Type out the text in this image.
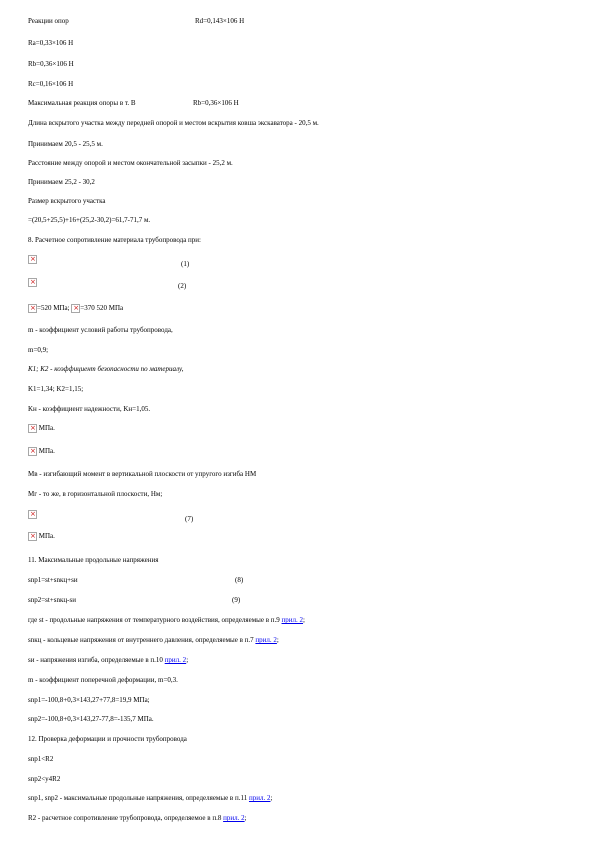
Реакции опор	Rd=0,143×106 Н
Ra=0,33×106 Н
Rb=0,36×106 Н
Rc=0,16×106 Н
Максимальная реакция опоры в т. В	Rb=0,36×106 Н
Длина вскрытого участка между передней опорой и местом вскрытия ковша экскаватора - 20,5 м.
Принимаем 20,5 - 25,5 м.
Расстояние между опорой и местом окончательной засыпки - 25,2 м.
Принимаем 25,2 - 30,2
Размер вскрытого участка
=(20,5+25,5)+16+(25,2-30,2)=61,7-71,7 м.
8. Расчетное сопротивление материала трубопровода при:
×
(1)
×
(2)
×=520 МПа; × =370 520 МПа
m - коэффициент условий работы трубопровода,
m=0,9;
K1; K2 - коэффициент безопасности по материалу,
K1=1,34; K2=1,15;
Kн - коэффициент надежности, Kн=1,05.
× МПа.
× МПа.
Мв - изгибающий момент в вертикальной плоскости от упругого изгиба НМ
Мг - то же, в горизонтальной плоскости, Нм;
×
(7)
× МПа.
11. Максимальные продольные напряжения
snp1=st+snкц+sи	(8)
snp2=st+snкц-sи	(9)
где st - продольные напряжения от температурного воздействия, определяемые в п.9 прил. 2;
snкц - кольцевые напряжения от внутреннего давления, определяемые в п.7 прил. 2;
sи - напряжения изгиба, определяемые в п.10 прил. 2;
m - коэффициент поперечной деформации, m=0,3.
snp1=-100,8+0,3×143,27+77,8=19,9 МПа;
snp2=-100,8+0,3×143,27-77,8=-135,7 МПа.
12. Проверка деформации и прочности трубопровода
snp1<R2
snp2<y4R2
snp1, snp2 - максимальные продольные напряжения, определяемые в п.11 прил. 2;
R2 - расчетное сопротивление трубопровода, определяемое в п.8 прил. 2;
